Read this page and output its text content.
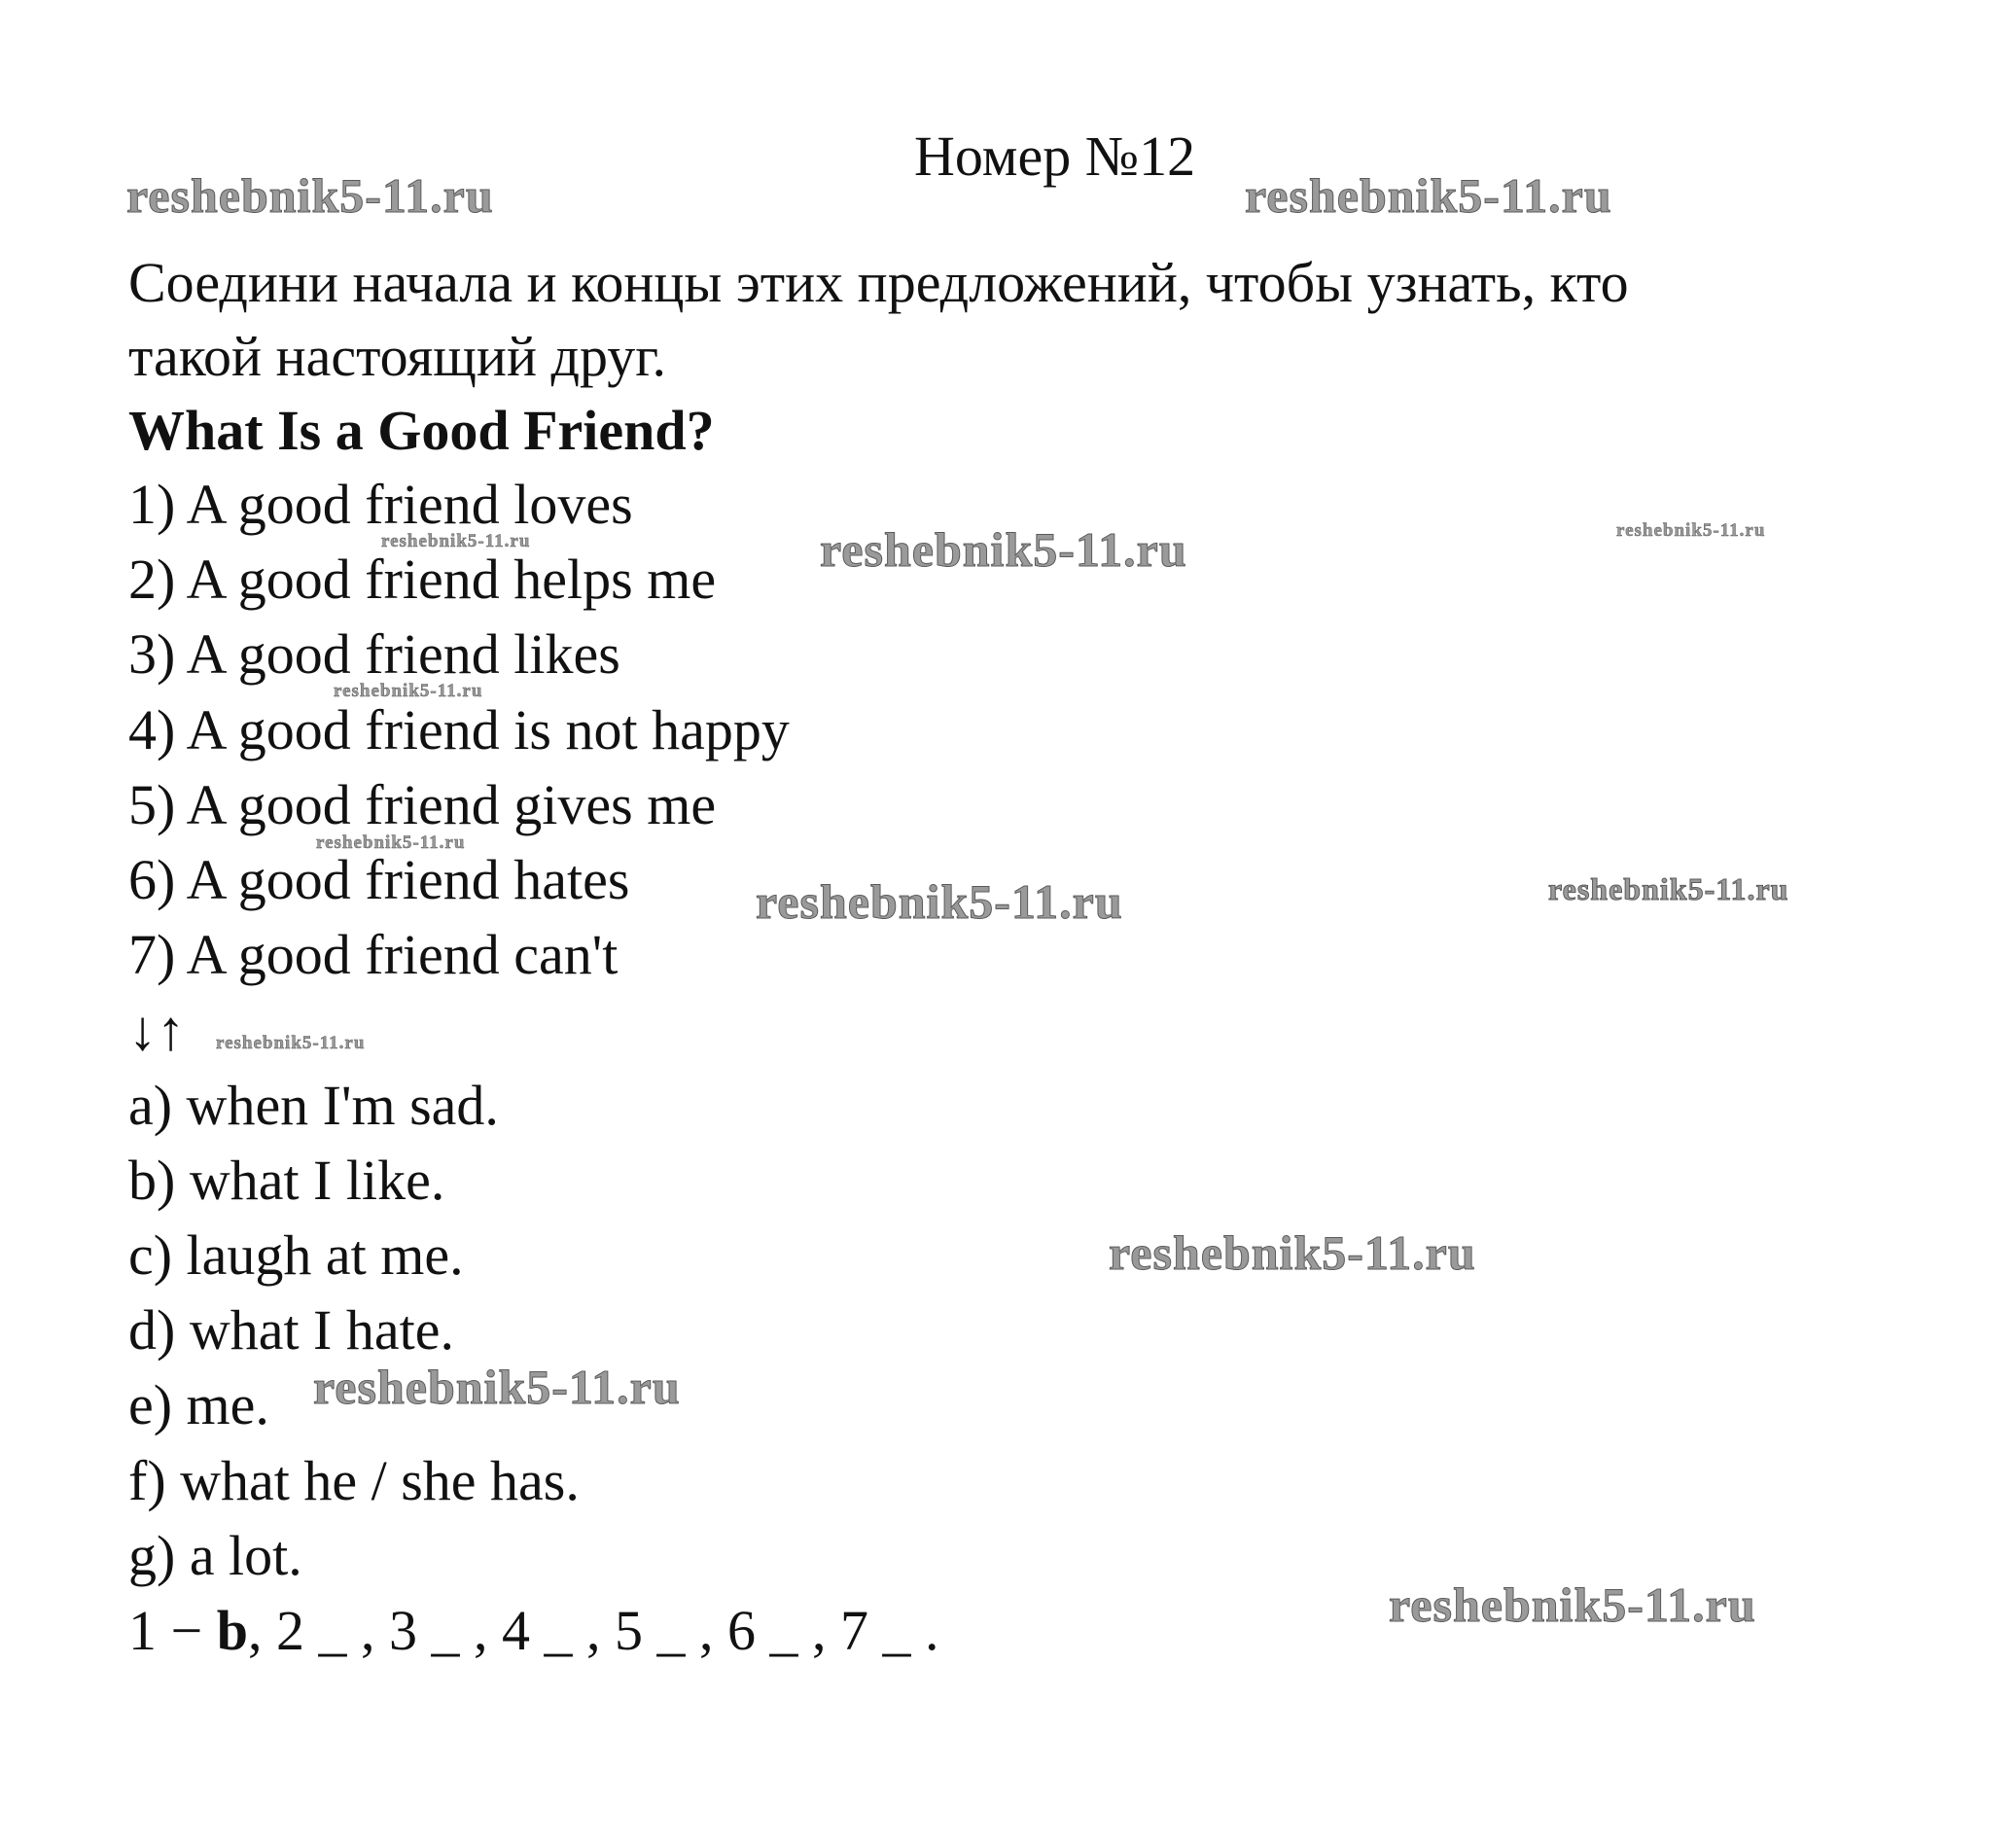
Номер №12
Соедини начала и концы этих предложений, чтобы узнать, кто
такой настоящий друг.
What Is a Good Friend?
1) A good friend loves
2) A good friend helps me
3) A good friend likes
4) A good friend is not happy
5) A good friend gives me
6) A good friend hates
7) A good friend can't
↓↑
a) when I'm sad.
b) what I like.
c) laugh at me.
d) what I hate.
e) me.
f) what he / she has.
g) a lot.
1 − b, 2 _ , 3 _ , 4 _ , 5 _ , 6 _ , 7 _ .
reshebnik5-11.ru	reshebnik5-11.ru
reshebnik5-11.ru	reshebnik5-11.ru	reshebnik5-11.ru
reshebnik5-11.ru
reshebnik5-11.ru
reshebnik5-11.ru	reshebnik5-11.ru
reshebnik5-11.ru
reshebnik5-11.ru
reshebnik5-11.ru
reshebnik5-11.ru
